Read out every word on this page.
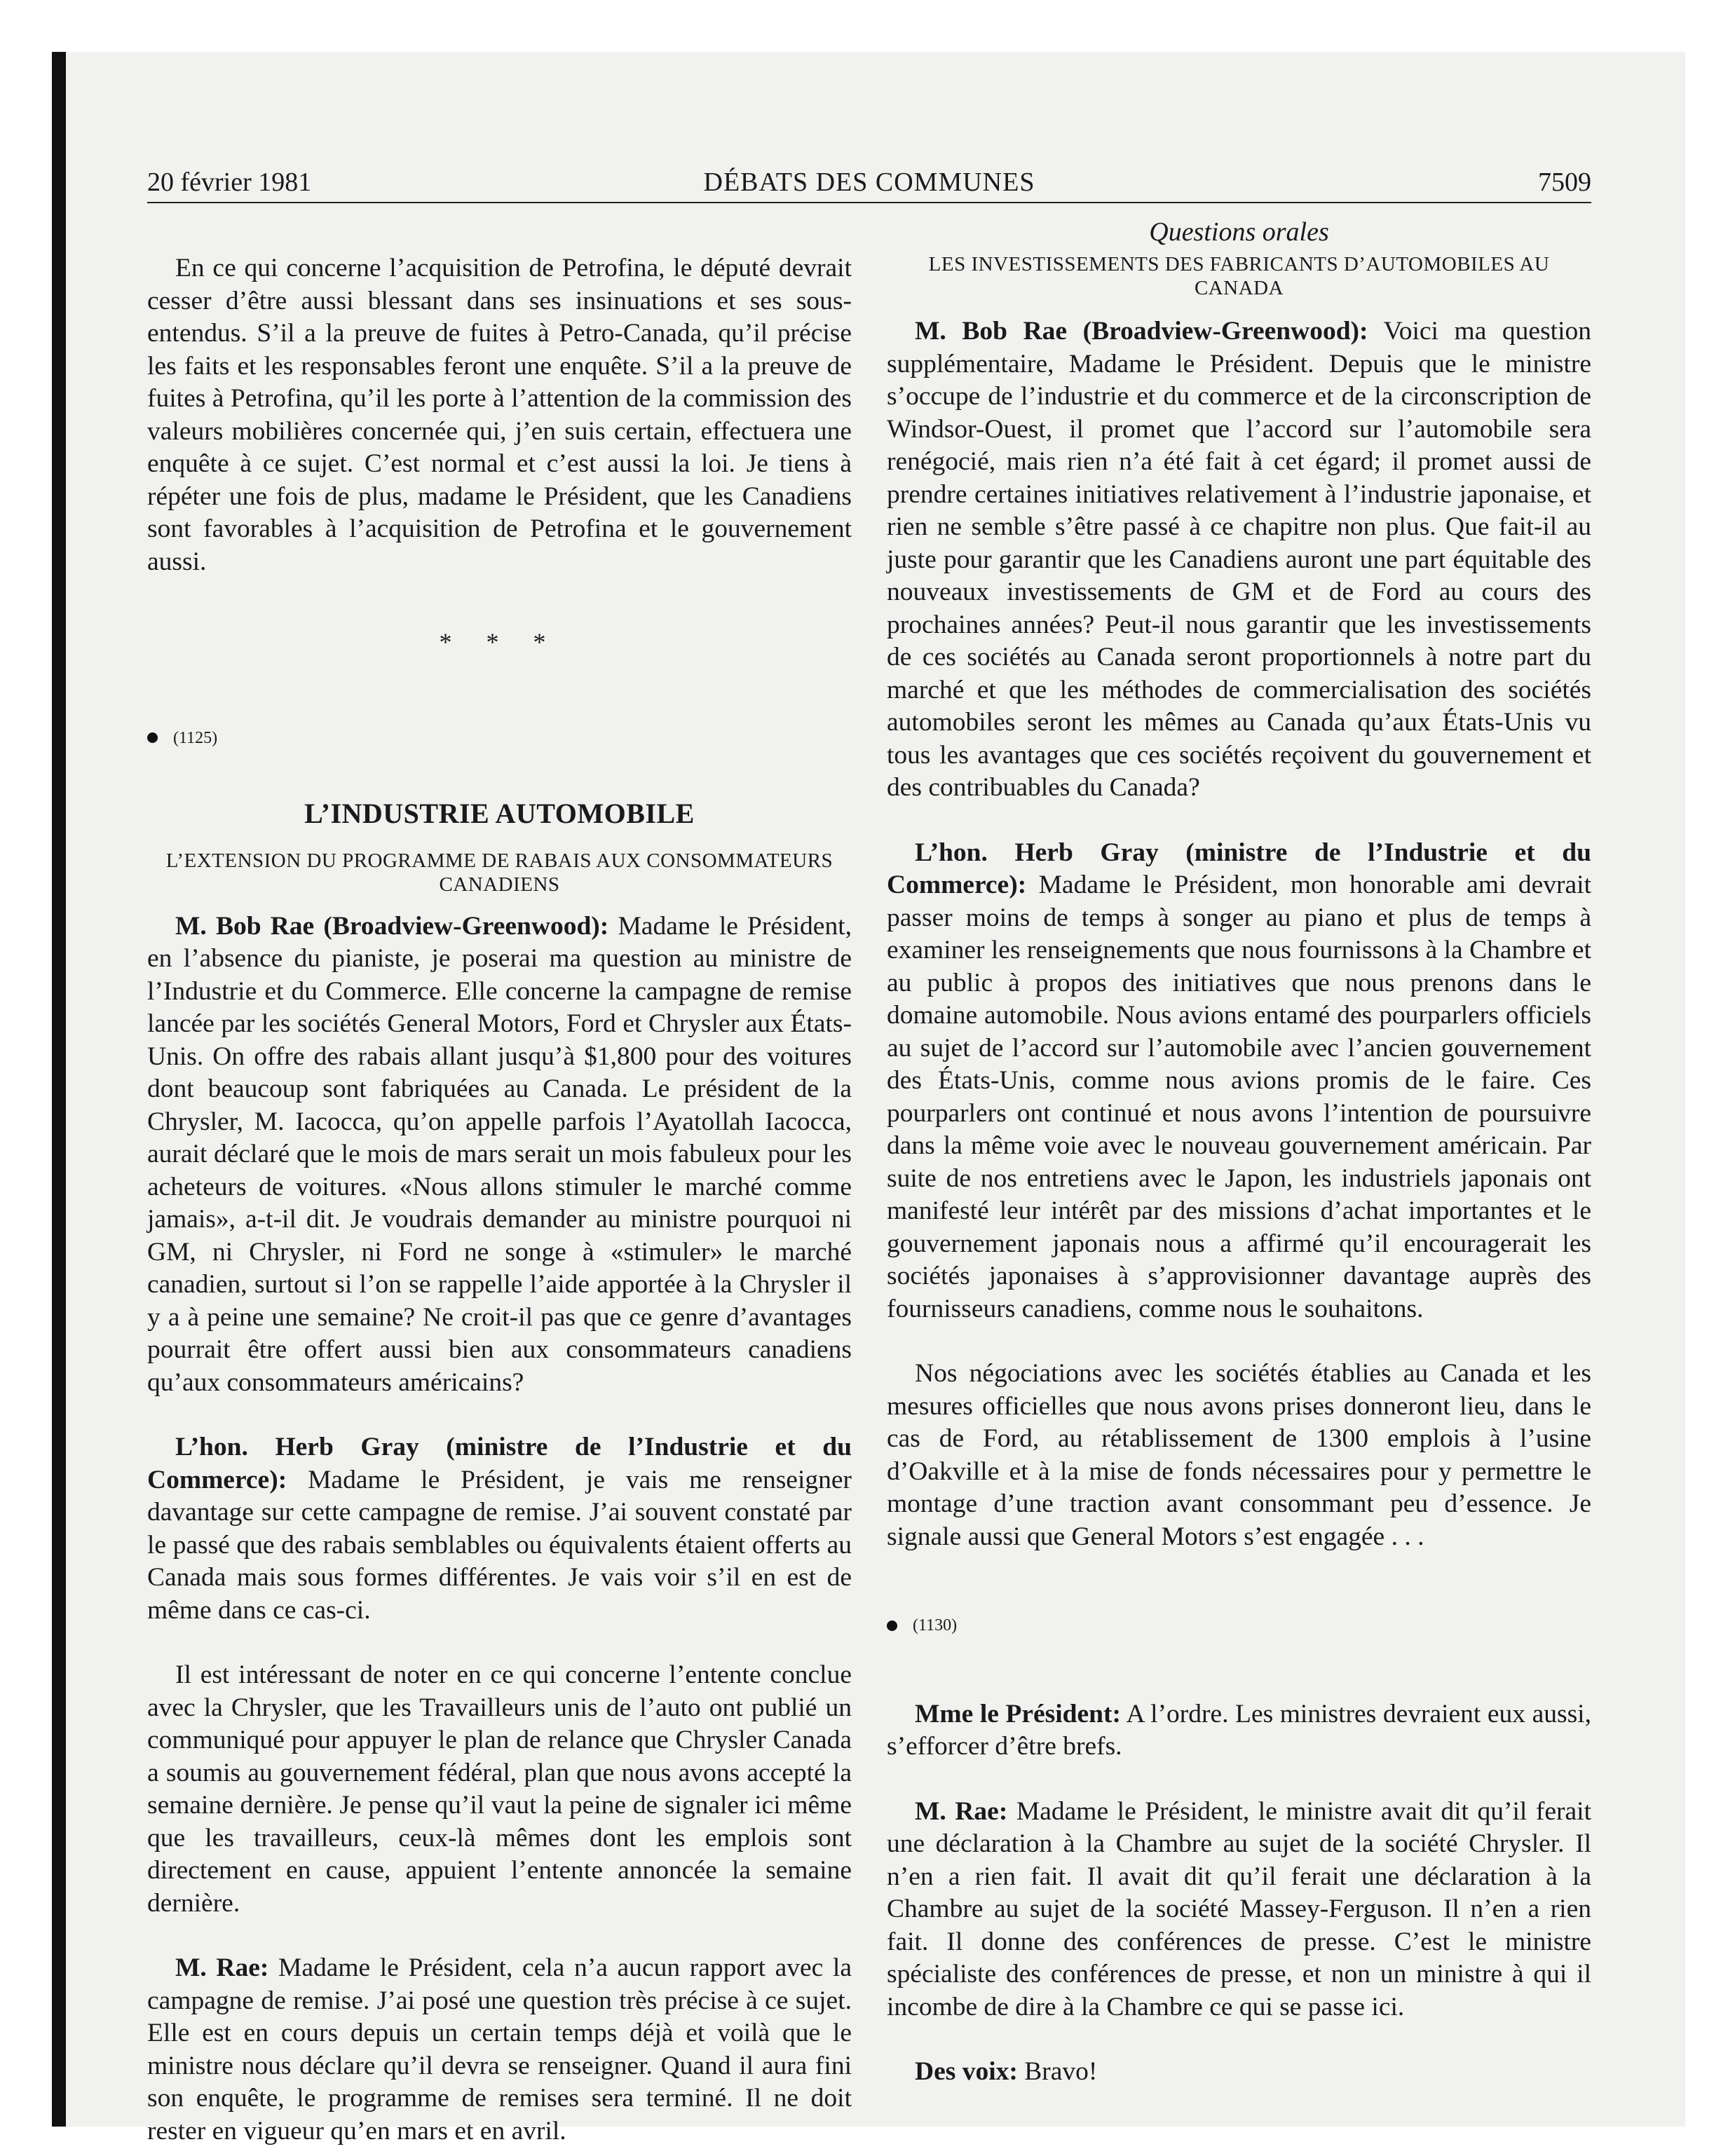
20 février 1981	DÉBATS DES COMMUNES	7509

En ce qui concerne l’acquisition de Petrofina, le député devrait cesser d’être aussi blessant dans ses insinuations et ses sous-entendus. S’il a la preuve de fuites à Petro-Canada, qu’il précise les faits et les responsables feront une enquête. S’il a la preuve de fuites à Petrofina, qu’il les porte à l’attention de la commission des valeurs mobilières concernée qui, j’en suis certain, effectuera une enquête à ce sujet. C’est normal et c’est aussi la loi. Je tiens à répéter une fois de plus, madame le Président, que les Canadiens sont favorables à l’acquisition de Petrofina et le gouvernement aussi.

* * *
(1125)
L’INDUSTRIE AUTOMOBILE
L’EXTENSION DU PROGRAMME DE RABAIS AUX CONSOMMATEURS CANADIENS

M. Bob Rae (Broadview-Greenwood): Madame le Président, en l’absence du pianiste, je poserai ma question au ministre de l’Industrie et du Commerce. Elle concerne la campagne de remise lancée par les sociétés General Motors, Ford et Chrysler aux États-Unis. On offre des rabais allant jusqu’à $1,800 pour des voitures dont beaucoup sont fabriquées au Canada. Le président de la Chrysler, M. Iacocca, qu’on appelle parfois l’Ayatollah Iacocca, aurait déclaré que le mois de mars serait un mois fabuleux pour les acheteurs de voitures. «Nous allons stimuler le marché comme jamais», a-t-il dit. Je voudrais demander au ministre pourquoi ni GM, ni Chrysler, ni Ford ne songe à «stimuler» le marché canadien, surtout si l’on se rappelle l’aide apportée à la Chrysler il y a à peine une semaine? Ne croit-il pas que ce genre d’avantages pourrait être offert aussi bien aux consommateurs canadiens qu’aux consommateurs américains?

L’hon. Herb Gray (ministre de l’Industrie et du Commerce): Madame le Président, je vais me renseigner davantage sur cette campagne de remise. J’ai souvent constaté par le passé que des rabais semblables ou équivalents étaient offerts au Canada mais sous formes différentes. Je vais voir s’il en est de même dans ce cas-ci.

Il est intéressant de noter en ce qui concerne l’entente conclue avec la Chrysler, que les Travailleurs unis de l’auto ont publié un communiqué pour appuyer le plan de relance que Chrysler Canada a soumis au gouvernement fédéral, plan que nous avons accepté la semaine dernière. Je pense qu’il vaut la peine de signaler ici même que les travailleurs, ceux-là mêmes dont les emplois sont directement en cause, appuient l’entente annoncée la semaine dernière.

M. Rae: Madame le Président, cela n’a aucun rapport avec la campagne de remise. J’ai posé une question très précise à ce sujet. Elle est en cours depuis un certain temps déjà et voilà que le ministre nous déclare qu’il devra se renseigner. Quand il aura fini son enquête, le programme de remises sera terminé. Il ne doit rester en vigueur qu’en mars et en avril.

Questions orales
LES INVESTISSEMENTS DES FABRICANTS D’AUTOMOBILES AU CANADA

M. Bob Rae (Broadview-Greenwood): Voici ma question supplémentaire, Madame le Président. Depuis que le ministre s’occupe de l’industrie et du commerce et de la circonscription de Windsor-Ouest, il promet que l’accord sur l’automobile sera renégocié, mais rien n’a été fait à cet égard; il promet aussi de prendre certaines initiatives relativement à l’industrie japonaise, et rien ne semble s’être passé à ce chapitre non plus. Que fait-il au juste pour garantir que les Canadiens auront une part équitable des nouveaux investissements de GM et de Ford au cours des prochaines années? Peut-il nous garantir que les investissements de ces sociétés au Canada seront proportionnels à notre part du marché et que les méthodes de commercialisation des sociétés automobiles seront les mêmes au Canada qu’aux États-Unis vu tous les avantages que ces sociétés reçoivent du gouvernement et des contribuables du Canada?

L’hon. Herb Gray (ministre de l’Industrie et du Commerce): Madame le Président, mon honorable ami devrait passer moins de temps à songer au piano et plus de temps à examiner les renseignements que nous fournissons à la Chambre et au public à propos des initiatives que nous prenons dans le domaine automobile. Nous avions entamé des pourparlers officiels au sujet de l’accord sur l’automobile avec l’ancien gouvernement des États-Unis, comme nous avions promis de le faire. Ces pourparlers ont continué et nous avons l’intention de poursuivre dans la même voie avec le nouveau gouvernement américain. Par suite de nos entretiens avec le Japon, les industriels japonais ont manifesté leur intérêt par des missions d’achat importantes et le gouvernement japonais nous a affirmé qu’il encouragerait les sociétés japonaises à s’approvisionner davantage auprès des fournisseurs canadiens, comme nous le souhaitons.

Nos négociations avec les sociétés établies au Canada et les mesures officielles que nous avons prises donneront lieu, dans le cas de Ford, au rétablissement de 1300 emplois à l’usine d’Oakville et à la mise de fonds nécessaires pour y permettre le montage d’une traction avant consommant peu d’essence. Je signale aussi que General Motors s’est engagée . . .

(1130)

Mme le Président: A l’ordre. Les ministres devraient eux aussi, s’efforcer d’être brefs.

M. Rae: Madame le Président, le ministre avait dit qu’il ferait une déclaration à la Chambre au sujet de la société Chrysler. Il n’en a rien fait. Il avait dit qu’il ferait une déclaration à la Chambre au sujet de la société Massey-Ferguson. Il n’en a rien fait. Il donne des conférences de presse. C’est le ministre spécialiste des conférences de presse, et non un ministre à qui il incombe de dire à la Chambre ce qui se passe ici.

Des voix: Bravo!
